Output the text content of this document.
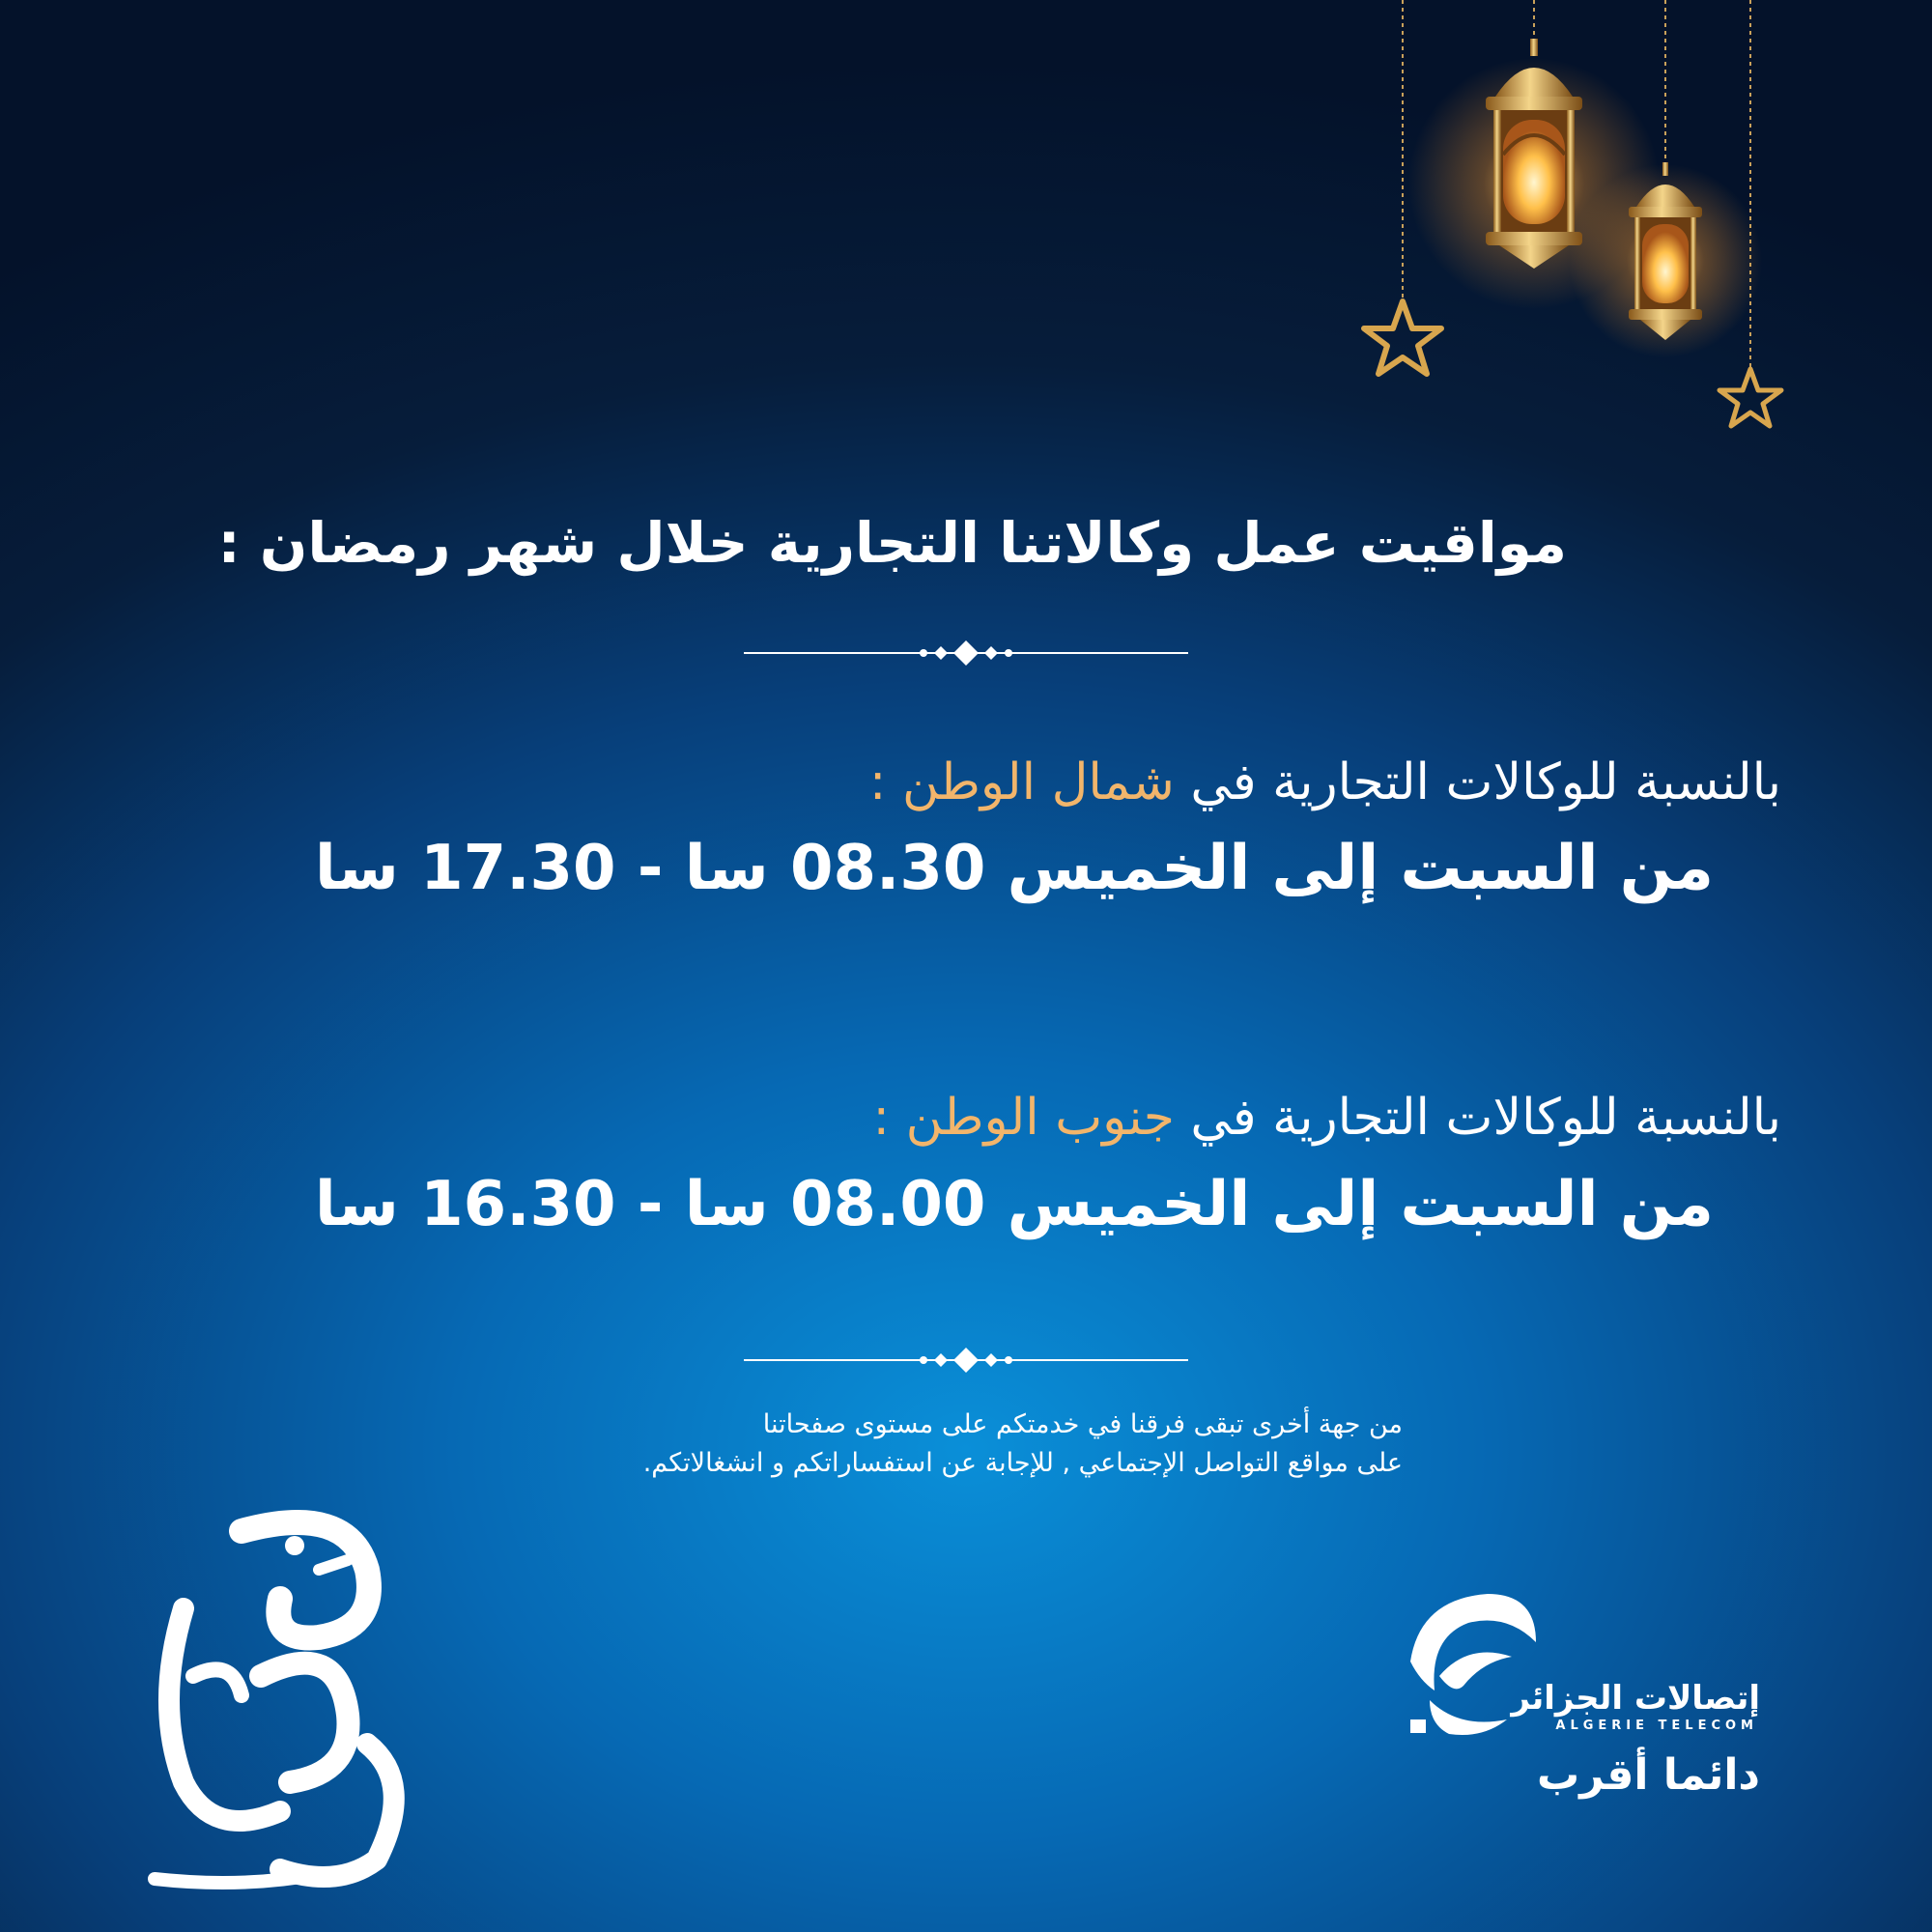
مواقيت عمل وكالاتنا التجارية خلال شهر رمضان :
بالنسبة للوكالات التجارية في شمال الوطن :
من السبت إلى الخميس 08.30 سا - 17.30 سا
بالنسبة للوكالات التجارية في جنوب الوطن :
من السبت إلى الخميس 08.00 سا - 16.30 سا
من جهة أخرى تبقى فرقنا في خدمتكم على مستوى صفحاتنا
على مواقع التواصل الإجتماعي , للإجابة عن استفساراتكم و انشغالاتكم.
إتصالات الجزائر
ALGERIE TELECOM
دائما أقرب
